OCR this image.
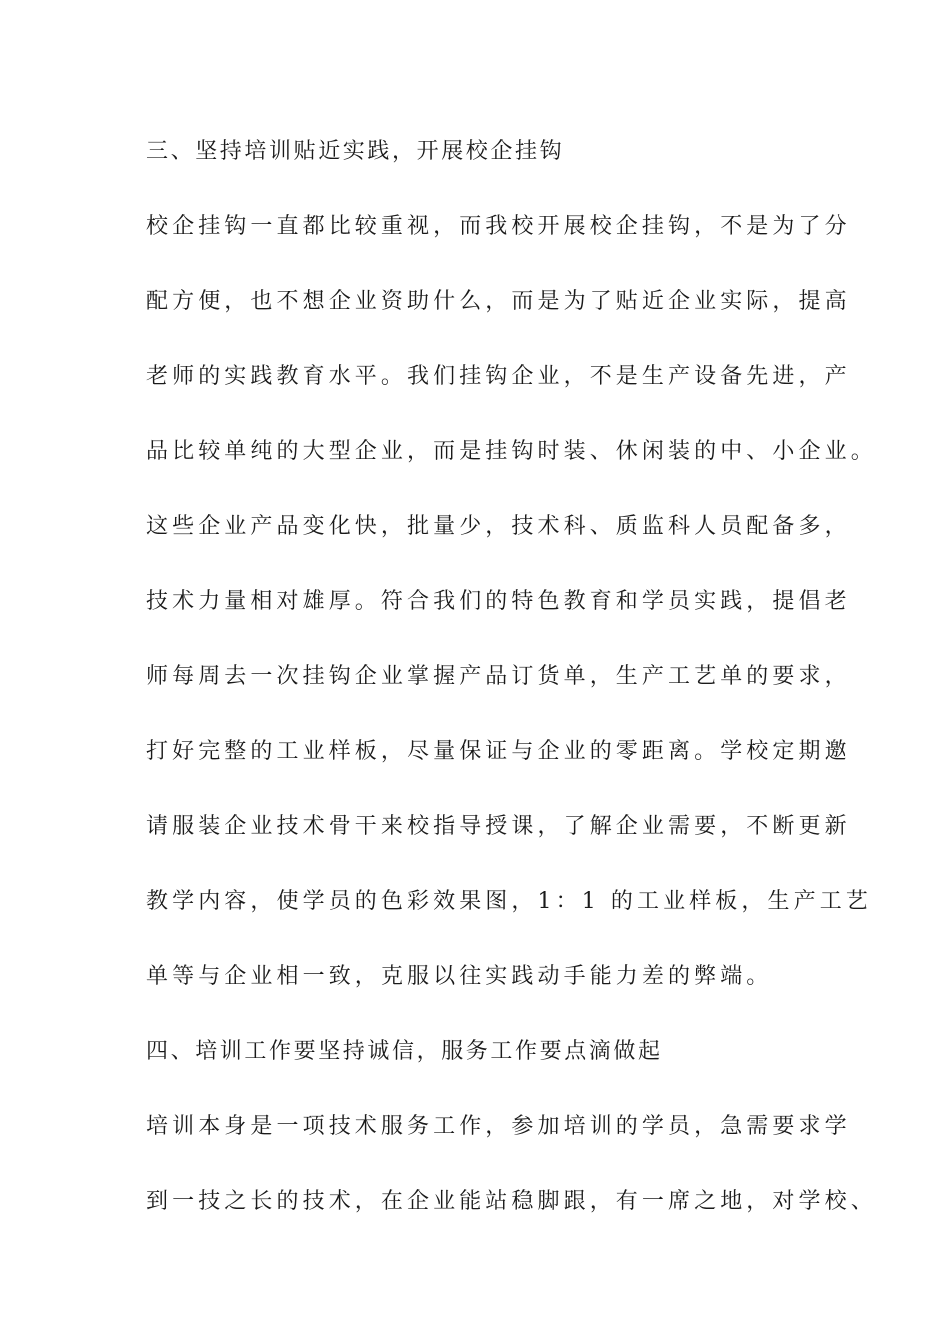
三、坚持培训贴近实践，开展校企挂钩
校企挂钩一直都比较重视，而我校开展校企挂钩，不是为了分
配方便，也不想企业资助什么，而是为了贴近企业实际，提高
老师的实践教育水平。我们挂钩企业，不是生产设备先进，产
品比较单纯的大型企业，而是挂钩时装、休闲装的中、小企业。
这些企业产品变化快，批量少，技术科、质监科人员配备多，
技术力量相对雄厚。符合我们的特色教育和学员实践，提倡老
师每周去一次挂钩企业掌握产品订货单，生产工艺单的要求，
打好完整的工业样板，尽量保证与企业的零距离。学校定期邀
请服装企业技术骨干来校指导授课，了解企业需要，不断更新
教学内容，使学员的色彩效果图，1：1 的工业样板，生产工艺
单等与企业相一致，克服以往实践动手能力差的弊端。
四、培训工作要坚持诚信，服务工作要点滴做起
培训本身是一项技术服务工作，参加培训的学员，急需要求学
到一技之长的技术，在企业能站稳脚跟，有一席之地，对学校、
